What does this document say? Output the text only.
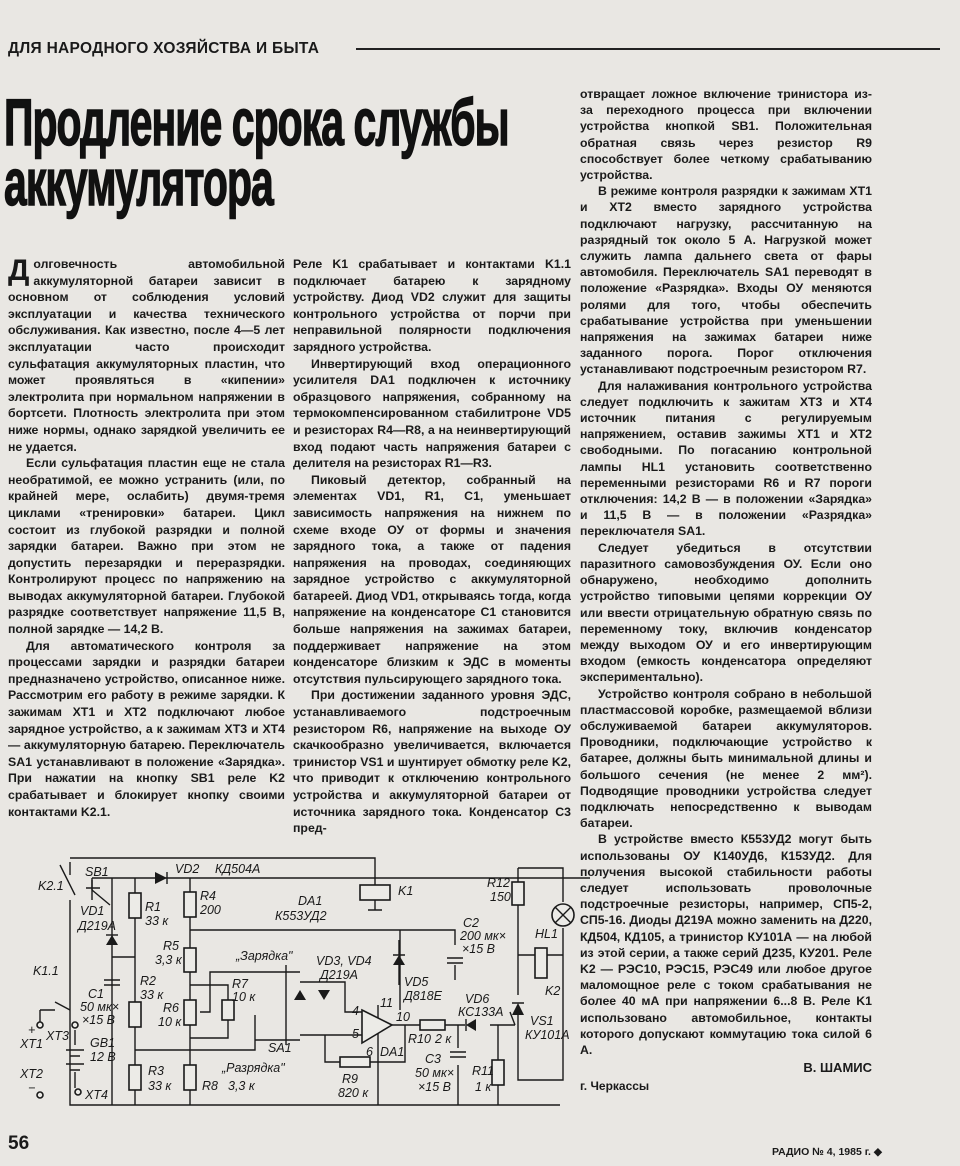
ДЛЯ НАРОДНОГО ХОЗЯЙСТВА И БЫТА
Продление срока службы
аккумулятора

Долговечность автомобильной аккумуляторной батареи зависит в основном от соблюдения условий эксплуатации и качества технического обслуживания. Как известно, после 4—5 лет эксплуатации часто происходит сульфатация аккумуляторных пластин, что может проявляться в «кипении» электролита при нормальном напряжении в бортсети. Плотность электролита при этом ниже нормы, однако зарядкой увеличить ее не удается.

Если сульфатация пластин еще не стала необратимой, ее можно устранить (или, по крайней мере, ослабить) двумя-тремя циклами «тренировки» батареи. Цикл состоит из глубокой разрядки и полной зарядки батареи. Важно при этом не допустить перезарядки и переразрядки. Контролируют процесс по напряжению на выводах аккумуляторной батареи. Глубокой разрядке соответствует напряжение 11,5 В, полной зарядке — 14,2 В.

Для автоматического контроля за процессами зарядки и разрядки батареи предназначено устройство, описанное ниже. Рассмотрим его работу в режиме зарядки. К зажимам XT1 и XT2 подключают любое зарядное устройство, а к зажимам XT3 и XT4 — аккумуляторную батарею. Переключатель SA1 устанавливают в положение «Зарядка». При нажатии на кнопку SB1 реле K2 срабатывает и блокирует кнопку своими контактами K2.1.

Реле K1 срабатывает и контактами K1.1 подключает батарею к зарядному устройству. Диод VD2 служит для защиты контрольного устройства от порчи при неправильной полярности подключения зарядного устройства.

Инвертирующий вход операционного усилителя DA1 подключен к источнику образцового напряжения, собранному на термокомпенсированном стабилитроне VD5 и резисторах R4—R8, а на неинвертирующий вход подают часть напряжения батареи с делителя на резисторах R1—R3.

Пиковый детектор, собранный на элементах VD1, R1, C1, уменьшает зависимость напряжения на нижнем по схеме входе ОУ от формы и значения зарядного тока, а также от падения напряжения на проводах, соединяющих зарядное устройство с аккумуляторной батареей. Диод VD1, открываясь тогда, когда напряжение на конденсаторе C1 становится больше напряжения на зажимах батареи, поддерживает напряжение на этом конденсаторе близким к ЭДС в моменты отсутствия пульсирующего зарядного тока.

При достижении заданного уровня ЭДС, устанавливаемого подстроечным резистором R6, напряжение на выходе ОУ скачкообразно увеличивается, включается тринистор VS1 и шунтирует обмотку реле K2, что приводит к отключению контрольного устройства и аккумуляторной батареи от источника зарядного тока. Конденсатор C3 пред-

отвращает ложное включение тринистора из-за переходного процесса при включении устройства кнопкой SB1. Положительная обратная связь через резистор R9 способствует более четкому срабатыванию устройства.

В режиме контроля разрядки к зажимам XT1 и XT2 вместо зарядного устройства подключают нагрузку, рассчитанную на разрядный ток около 5 А. Нагрузкой может служить лампа дальнего света от фары автомобиля. Переключатель SA1 переводят в положение «Разрядка». Входы ОУ меняются ролями для того, чтобы обеспечить срабатывание устройства при уменьшении напряжения на зажимах батареи ниже заданного порога. Порог отключения устанавливают подстроечным резистором R7.

Для налаживания контрольного устройства следует подключить к зажитам XT3 и XT4 источник питания с регулируемым напряжением, оставив зажимы XT1 и XT2 свободными. По погасанию контрольной лампы HL1 установить соответственно переменными резисторами R6 и R7 пороги отключения: 14,2 В — в положении «Зарядка» и 11,5 В — в положении «Разрядка» переключателя SA1.

Следует убедиться в отсутствии паразитного самовозбуждения ОУ. Если оно обнаружено, необходимо дополнить устройство типовыми цепями коррекции ОУ или ввести отрицательную обратную связь по переменному току, включив конденсатор между выходом ОУ и его инвертирующим входом (емкость конденсатора определяют экспериментально).

Устройство контроля собрано в небольшой пластмассовой коробке, размещаемой вблизи обслуживаемой батареи аккумуляторов. Проводники, подключающие устройство к батарее, должны быть минимальной длины и большого сечения (не менее 2 мм²). Подводящие проводники устройства следует подключать непосредственно к выводам батареи.

В устройстве вместо К553УД2 могут быть использованы ОУ К140УД6, К153УД2. Для получения высокой стабильности работы следует использовать проволочные подстроечные резисторы, например, СП5-2, СП5-16. Диоды Д219А можно заменить на Д220, КД504, КД105, а тринистор КУ101А — на любой из этой серии, а также серий Д235, КУ201. Реле K2 — РЭС10, РЭС15, РЭС49 или любое другое маломощное реле с током срабатывания не более 40 мА при напряжении 6...8 В. Реле K1 использовано автомобильное, контакты которого допускают коммутацию тока силой 6 А.

В. ШАМИС
г. Черкассы
K2.1
SB1
VD1
Д219А
VD2 КД504А
R1
33 к
R2
33 к
R3
33 к
R4
200
R5
3,3 к
R6
10 к
R7
10 к
R8 3,3 к	R9
820 к
R10 2 к
R11
1 к
R12
150
K1.1
C1
50 мк×
×15 В
C2
200 мк×
×15 В
C3
50 мк×
×15 В
XT1
+
XT2
−
XT3
XT4
GB1
12 В
DA1
К553УД2
DA1
„Зарядка"
„Разрядка"
SA1
VD3, VD4
Д219А	VD5
Д818Е VD6
КС133А
K1
K2
HL1
VS1
КУ101А
4
5
6
10
11
РАДИО № 4, 1985 г. ◆
56
